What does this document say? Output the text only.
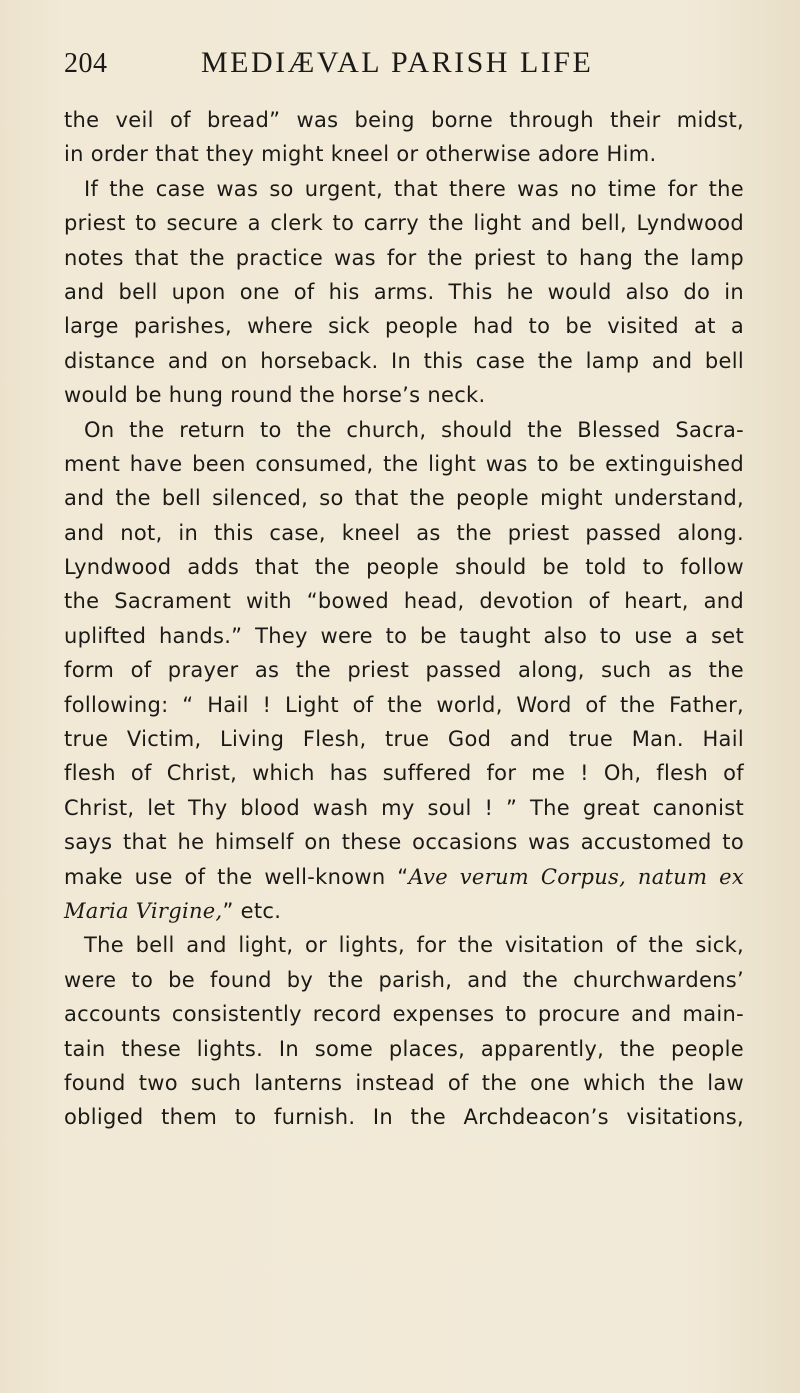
204	MEDIÆVAL PARISH LIFE
the veil of bread” was being borne through their midst,
in order that they might kneel or otherwise adore Him.
If the case was so urgent, that there was no time for the
priest to secure a clerk to carry the light and bell, Lyndwood
notes that the practice was for the priest to hang the lamp
and bell upon one of his arms. This he would also do in
large parishes, where sick people had to be visited at a
distance and on horseback. In this case the lamp and bell
would be hung round the horse’s neck.
On the return to the church, should the Blessed Sacra-
ment have been consumed, the light was to be extinguished
and the bell silenced, so that the people might understand,
and not, in this case, kneel as the priest passed along.
Lyndwood adds that the people should be told to follow
the Sacrament with “bowed head, devotion of heart, and
uplifted hands.” They were to be taught also to use a set
form of prayer as the priest passed along, such as the
following: “ Hail ! Light of the world, Word of the Father,
true Victim, Living Flesh, true God and true Man. Hail
flesh of Christ, which has suffered for me ! Oh, flesh of
Christ, let Thy blood wash my soul ! ” The great canonist
says that he himself on these occasions was accustomed to
make use of the well-known “Ave verum Corpus, natum ex
Maria Virgine,” etc.
The bell and light, or lights, for the visitation of the sick,
were to be found by the parish, and the churchwardens’
accounts consistently record expenses to procure and main-
tain these lights. In some places, apparently, the people
found two such lanterns instead of the one which the law
obliged them to furnish. In the Archdeacon’s visitations,
